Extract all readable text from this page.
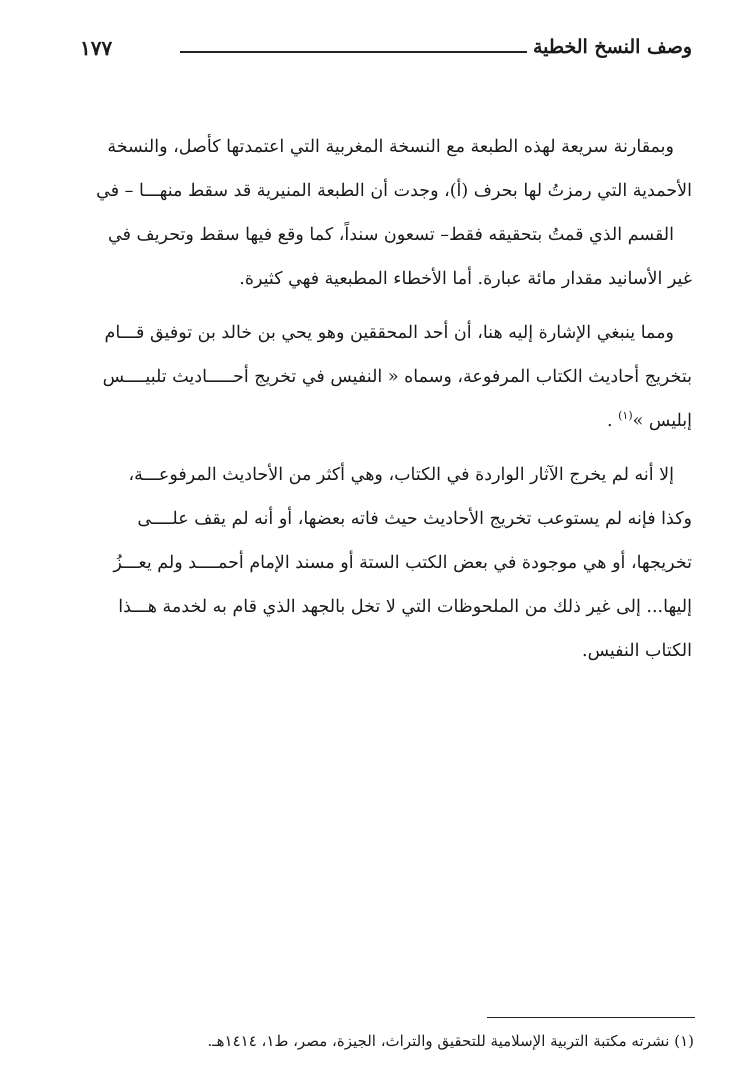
وصف النسخ الخطية
١٧٧
وبمقارنة سريعة لهذه الطبعة مع النسخة المغربية التي اعتمدتها كأصل، والنسخة
الأحمدية التي رمزتُ لها بحرف (أ)، وجدت أن الطبعة المنيرية قد سقط منهـــا – في
القسم الذي قمتُ بتحقيقه فقط– تسعون سنداً، كما وقع فيها سقط وتحريف في
غير الأسانيد مقدار مائة عبارة. أما الأخطاء المطبعية فهي كثيرة.
ومما ينبغي الإشارة إليه هنا، أن أحد المحققين وهو يحي بن خالد بن توفيق قـــام
بتخريج أحاديث الكتاب المرفوعة، وسماه « النفيس في تخريج أحـــــاديث تلبيــــس
إبليس »$^{(١)}$ .
إلا أنه لم يخرج الآثار الواردة في الكتاب، وهي أكثر من الأحاديث المرفوعـــة،
وكذا فإنه لم يستوعب تخريج الأحاديث حيث فاته بعضها، أو أنه لم يقف علــــى
تخريجها، أو هي موجودة في بعض الكتب الستة أو مسند الإمام أحمــــد ولم يعـــزُ
إليها... إلى غير ذلك من الملحوظات التي لا تخل بالجهد الذي قام به لخدمة هـــذا
الكتاب النفيس.
(١) نشرته مكتبة التربية الإسلامية للتحقيق والتراث، الجيزة، مصر، ط١، ١٤١٤هـ.
